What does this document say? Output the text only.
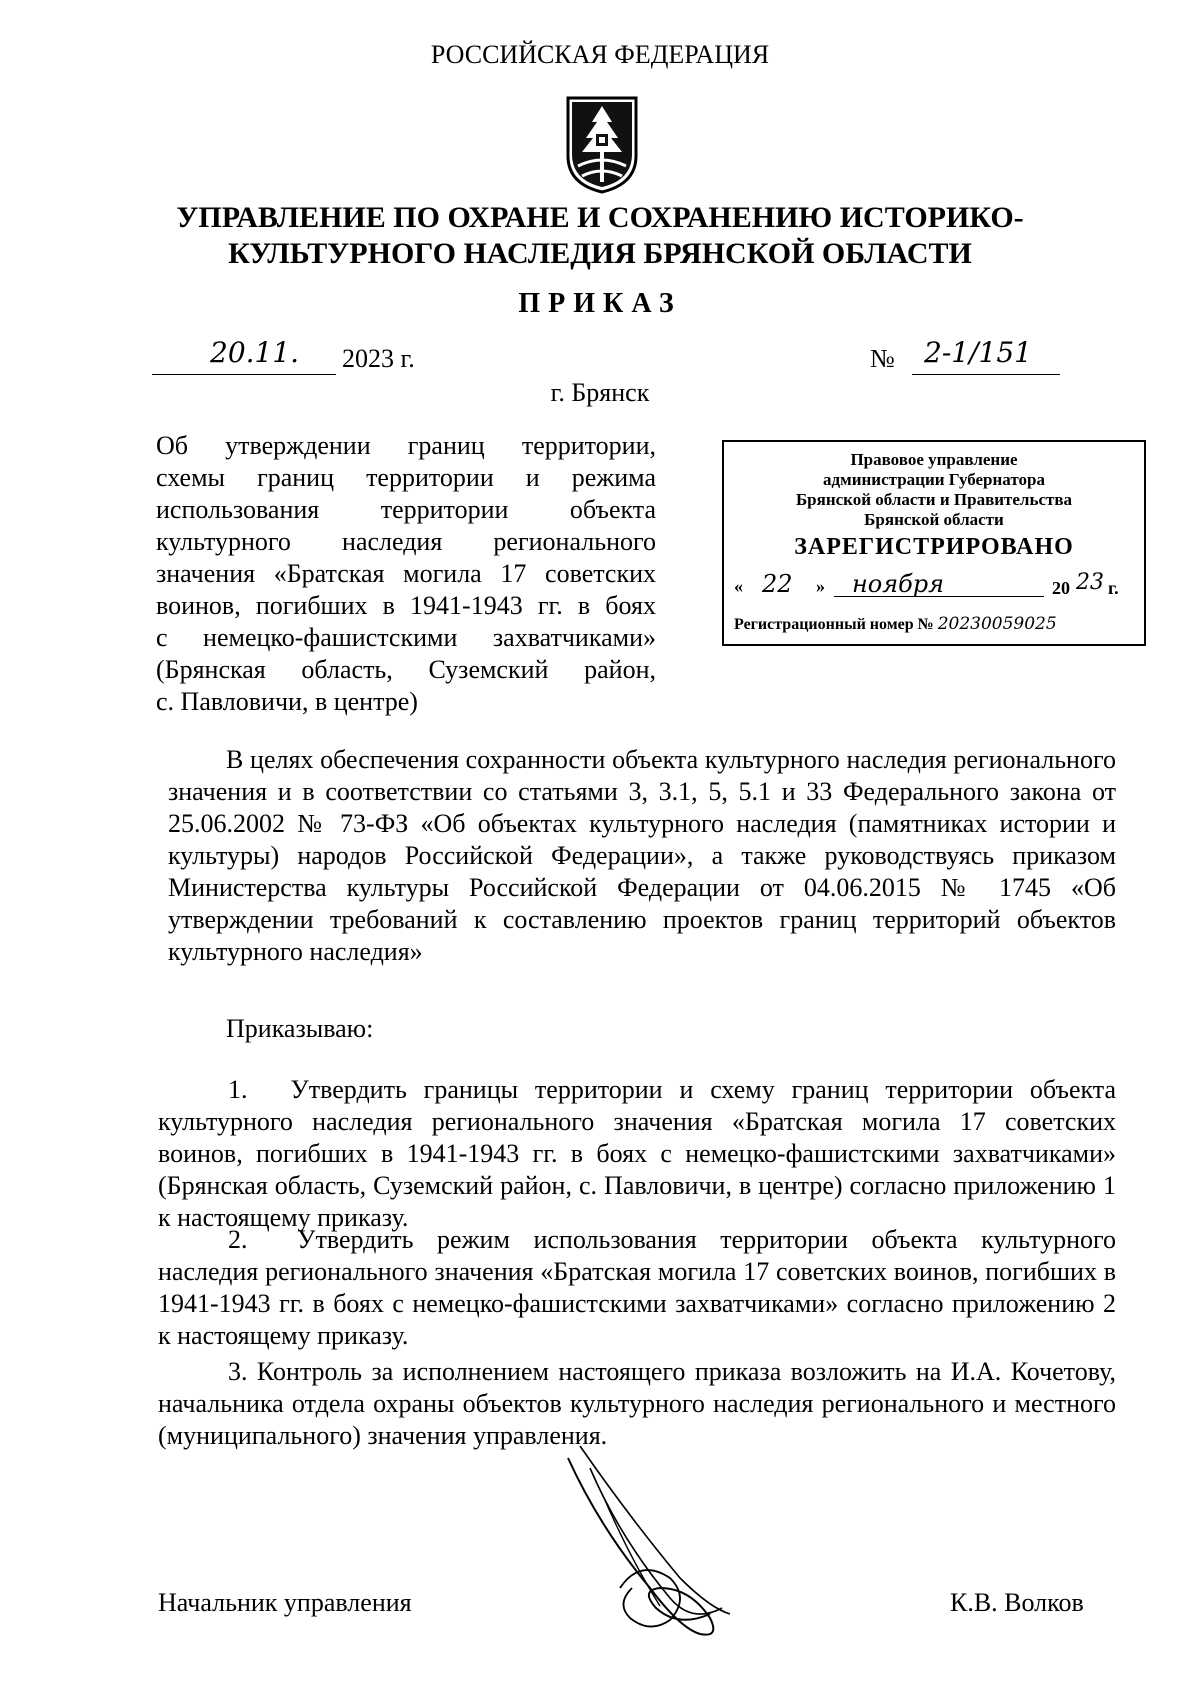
РОССИЙСКАЯ ФЕДЕРАЦИЯ
УПРАВЛЕНИЕ ПО ОХРАНЕ И СОХРАНЕНИЮ ИСТОРИКО-
КУЛЬТУРНОГО НАСЛЕДИЯ БРЯНСКОЙ ОБЛАСТИ
ПРИКАЗ
20.11. 2023 г.	№ 2-1/151
г. Брянск
Об утверждении границ территории,
схемы границ территории и режима
использования территории объекта
культурного наследия регионального
значения «Братская могила 17 советских
воинов, погибших в 1941-1943 гг. в боях
с немецко-фашистскими захватчиками»
(Брянская область, Суземский район,
с. Павловичи, в центре)
Правовое управление
администрации Губернатора
Брянской области и Правительства
Брянской области
ЗАРЕГИСТРИРОВАНО
« 22 » ноября	20 23 г.
Регистрационный номер № 20230059025
В целях обеспечения сохранности объекта культурного наследия регионального значения и в соответствии со статьями 3, 3.1, 5, 5.1 и 33 Федерального закона от 25.06.2002 № 73-ФЗ «Об объектах культурного наследия (памятниках истории и культуры) народов Российской Федерации», а также руководствуясь приказом Министерства культуры Российской Федерации от 04.06.2015 № 1745 «Об утверждении требований к составлению проектов границ территорий объектов культурного наследия»
Приказываю:
1.  Утвердить границы территории и схему границ территории объекта культурного наследия регионального значения «Братская могила 17 советских воинов, погибших в 1941-1943 гг. в боях с немецко-фашистскими захватчиками» (Брянская область, Суземский район, с. Павловичи, в центре) согласно приложению 1 к настоящему приказу.
2.  Утвердить режим использования территории объекта культурного наследия регионального значения «Братская могила 17 советских воинов, погибших в 1941-1943 гг. в боях с немецко-фашистскими захватчиками» согласно приложению 2 к настоящему приказу.
3. Контроль за исполнением настоящего приказа возложить на И.А. Кочетову, начальника отдела охраны объектов культурного наследия регионального и местного (муниципального) значения управления.
Начальник управления	К.В. Волков
